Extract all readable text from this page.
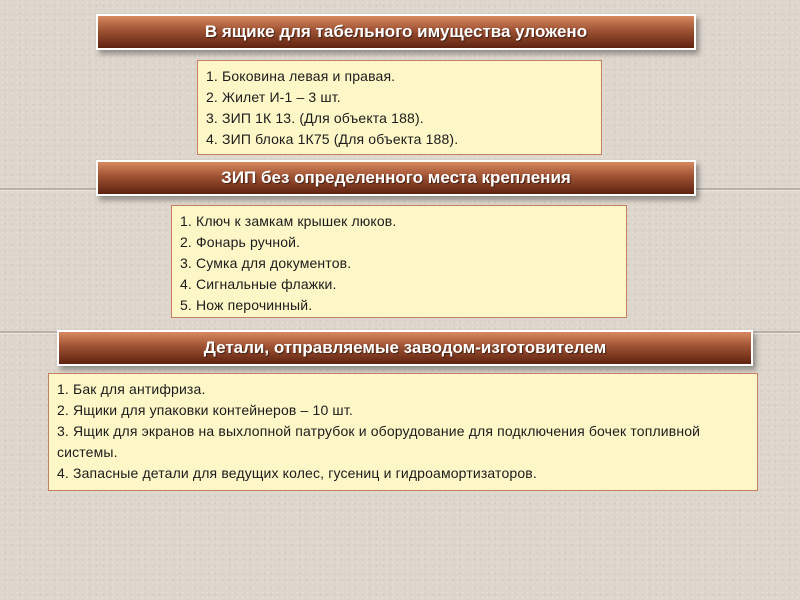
В ящике для табельного имущества уложено
1. Боковина левая и правая.
2. Жилет И-1 – 3 шт.
3. ЗИП 1К 13. (Для объекта 188).
4. ЗИП блока 1К75 (Для объекта 188).
ЗИП без определенного места крепления
1. Ключ к замкам крышек люков.
2. Фонарь ручной.
3. Сумка для документов.
4. Сигнальные флажки.
5. Нож перочинный.
Детали, отправляемые заводом-изготовителем
1. Бак для антифриза.
2. Ящики для упаковки контейнеров – 10 шт.
3. Ящик для экранов на выхлопной патрубок и оборудование для подключения бочек топливной системы.
4. Запасные детали для ведущих колес, гусениц и гидроамортизаторов.
